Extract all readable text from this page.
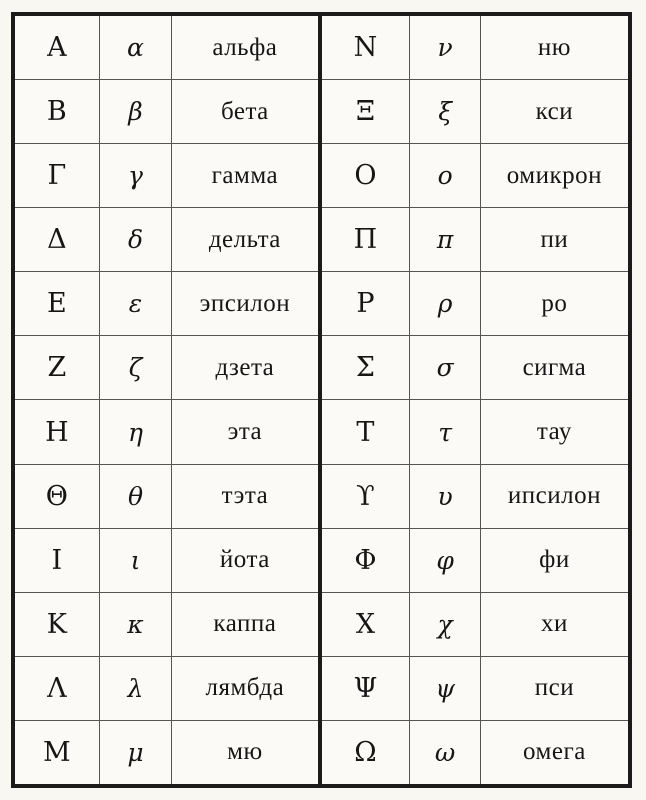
Α	α	альфа
Β	β	бета
Γ	γ	гамма
Δ	δ	дельта
Ε	ε	эпсилон
Ζ	ζ	дзета
Η	η	эта
Θ	θ	тэта
Ι	ι	йота
Κ	κ	каппа
Λ	λ	лямбда
Μ	μ	мю
Ν	ν	ню
Ξ	ξ	кси
Ο	ο	омикрон
Π	π	пи
Ρ	ρ	ро
Σ	σ	сигма
Τ	τ	тау
ϒ	υ	ипсилон
Φ	φ	фи
Χ	χ	хи
Ψ	ψ	пси
Ω	ω	омега
